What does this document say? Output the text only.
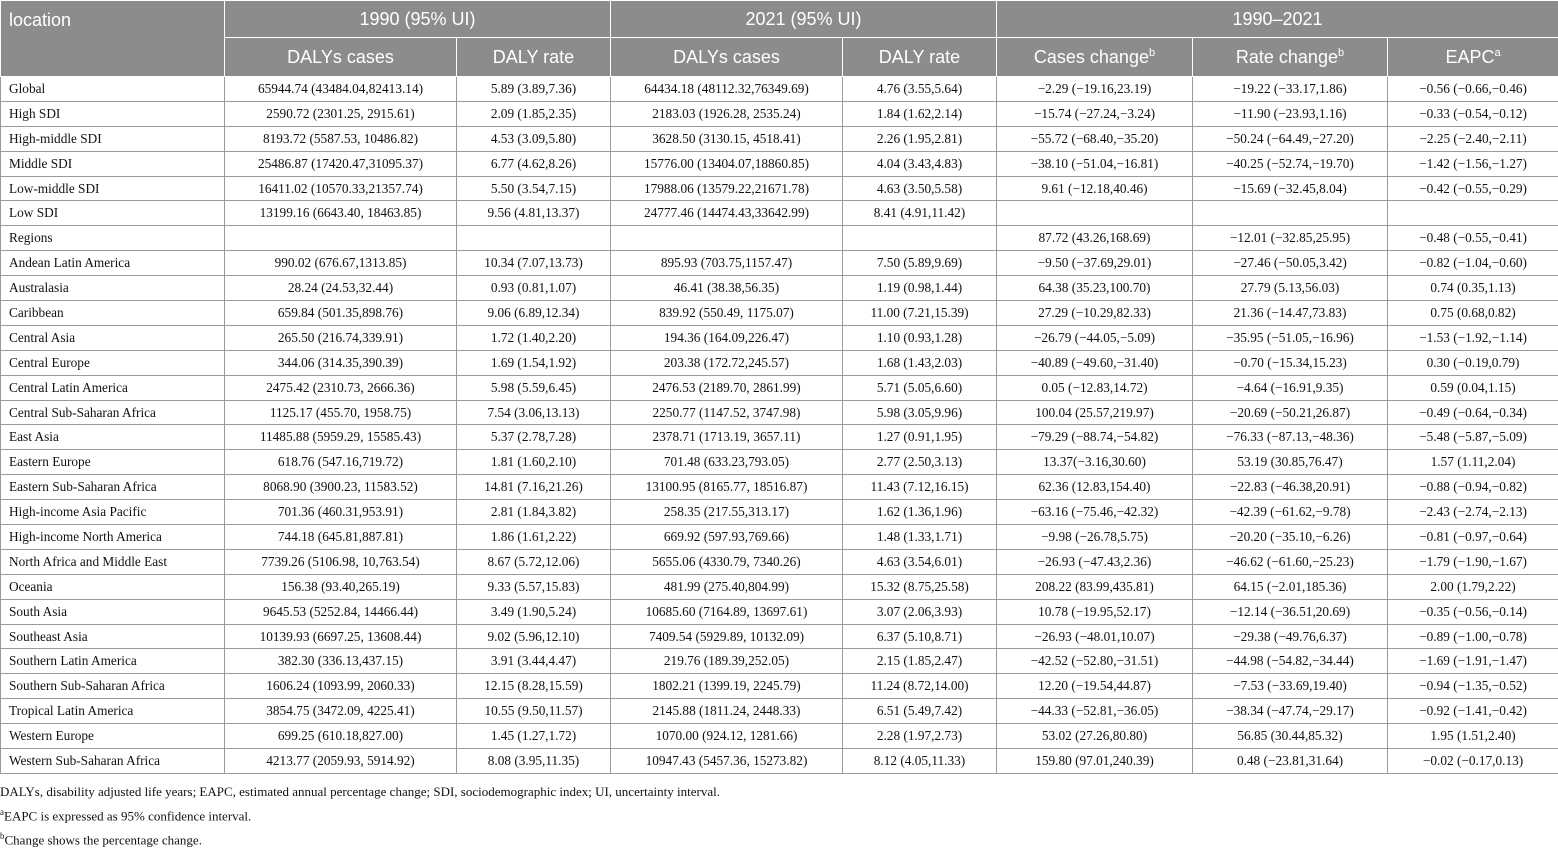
location	1990 (95% UI)		2021 (95% UI)		1990–2021		
	DALYs cases	DALY rate	DALYs cases	DALY rate	Cases change$^b$	Rate change$^b$	EAPC$^a$
Global	65944.74 (43484.04,82413.14)	5.89 (3.89,7.36)	64434.18 (48112.32,76349.69)	4.76 (3.55,5.64)	−2.29 (−19.16,23.19)	−19.22 (−33.17,1.86)	−0.56 (−0.66,−0.46)
High SDI	2590.72 (2301.25, 2915.61)	2.09 (1.85,2.35)	2183.03 (1926.28, 2535.24)	1.84 (1.62,2.14)	−15.74 (−27.24,−3.24)	−11.90 (−23.93,1.16)	−0.33 (−0.54,−0.12)
High-middle SDI	8193.72 (5587.53, 10486.82)	4.53 (3.09,5.80)	3628.50 (3130.15, 4518.41)	2.26 (1.95,2.81)	−55.72 (−68.40,−35.20)	−50.24 (−64.49,−27.20)	−2.25 (−2.40,−2.11)
Middle SDI	25486.87 (17420.47,31095.37)	6.77 (4.62,8.26)	15776.00 (13404.07,18860.85)	4.04 (3.43,4.83)	−38.10 (−51.04,−16.81)	−40.25 (−52.74,−19.70)	−1.42 (−1.56,−1.27)
Low-middle SDI	16411.02 (10570.33,21357.74)	5.50 (3.54,7.15)	17988.06 (13579.22,21671.78)	4.63 (3.50,5.58)	9.61 (−12.18,40.46)	−15.69 (−32.45,8.04)	−0.42 (−0.55,−0.29)
Low SDI	13199.16 (6643.40, 18463.85)	9.56 (4.81,13.37)	24777.46 (14474.43,33642.99)	8.41 (4.91,11.42)			
Regions					87.72 (43.26,168.69)	−12.01 (−32.85,25.95)	−0.48 (−0.55,−0.41)
Andean Latin America	990.02 (676.67,1313.85)	10.34 (7.07,13.73)	895.93 (703.75,1157.47)	7.50 (5.89,9.69)	−9.50 (−37.69,29.01)	−27.46 (−50.05,3.42)	−0.82 (−1.04,−0.60)
Australasia	28.24 (24.53,32.44)	0.93 (0.81,1.07)	46.41 (38.38,56.35)	1.19 (0.98,1.44)	64.38 (35.23,100.70)	27.79 (5.13,56.03)	0.74 (0.35,1.13)
Caribbean	659.84 (501.35,898.76)	9.06 (6.89,12.34)	839.92 (550.49, 1175.07)	11.00 (7.21,15.39)	27.29 (−10.29,82.33)	21.36 (−14.47,73.83)	0.75 (0.68,0.82)
Central Asia	265.50 (216.74,339.91)	1.72 (1.40,2.20)	194.36 (164.09,226.47)	1.10 (0.93,1.28)	−26.79 (−44.05,−5.09)	−35.95 (−51.05,−16.96)	−1.53 (−1.92,−1.14)
Central Europe	344.06 (314.35,390.39)	1.69 (1.54,1.92)	203.38 (172.72,245.57)	1.68 (1.43,2.03)	−40.89 (−49.60,−31.40)	−0.70 (−15.34,15.23)	0.30 (−0.19,0.79)
Central Latin America	2475.42 (2310.73, 2666.36)	5.98 (5.59,6.45)	2476.53 (2189.70, 2861.99)	5.71 (5.05,6.60)	0.05 (−12.83,14.72)	−4.64 (−16.91,9.35)	0.59 (0.04,1.15)
Central Sub-Saharan Africa	1125.17 (455.70, 1958.75)	7.54 (3.06,13.13)	2250.77 (1147.52, 3747.98)	5.98 (3.05,9.96)	100.04 (25.57,219.97)	−20.69 (−50.21,26.87)	−0.49 (−0.64,−0.34)
East Asia	11485.88 (5959.29, 15585.43)	5.37 (2.78,7.28)	2378.71 (1713.19, 3657.11)	1.27 (0.91,1.95)	−79.29 (−88.74,−54.82)	−76.33 (−87.13,−48.36)	−5.48 (−5.87,−5.09)
Eastern Europe	618.76 (547.16,719.72)	1.81 (1.60,2.10)	701.48 (633.23,793.05)	2.77 (2.50,3.13)	13.37(−3.16,30.60)	53.19 (30.85,76.47)	1.57 (1.11,2.04)
Eastern Sub-Saharan Africa	8068.90 (3900.23, 11583.52)	14.81 (7.16,21.26)	13100.95 (8165.77, 18516.87)	11.43 (7.12,16.15)	62.36 (12.83,154.40)	−22.83 (−46.38,20.91)	−0.88 (−0.94,−0.82)
High-income Asia Pacific	701.36 (460.31,953.91)	2.81 (1.84,3.82)	258.35 (217.55,313.17)	1.62 (1.36,1.96)	−63.16 (−75.46,−42.32)	−42.39 (−61.62,−9.78)	−2.43 (−2.74,−2.13)
High-income North America	744.18 (645.81,887.81)	1.86 (1.61,2.22)	669.92 (597.93,769.66)	1.48 (1.33,1.71)	−9.98 (−26.78,5.75)	−20.20 (−35.10,−6.26)	−0.81 (−0.97,−0.64)
North Africa and Middle East	7739.26 (5106.98, 10,763.54)	8.67 (5.72,12.06)	5655.06 (4330.79, 7340.26)	4.63 (3.54,6.01)	−26.93 (−47.43,2.36)	−46.62 (−61.60,−25.23)	−1.79 (−1.90,−1.67)
Oceania	156.38 (93.40,265.19)	9.33 (5.57,15.83)	481.99 (275.40,804.99)	15.32 (8.75,25.58)	208.22 (83.99,435.81)	64.15 (−2.01,185.36)	2.00 (1.79,2.22)
South Asia	9645.53 (5252.84, 14466.44)	3.49 (1.90,5.24)	10685.60 (7164.89, 13697.61)	3.07 (2.06,3.93)	10.78 (−19.95,52.17)	−12.14 (−36.51,20.69)	−0.35 (−0.56,−0.14)
Southeast Asia	10139.93 (6697.25, 13608.44)	9.02 (5.96,12.10)	7409.54 (5929.89, 10132.09)	6.37 (5.10,8.71)	−26.93 (−48.01,10.07)	−29.38 (−49.76,6.37)	−0.89 (−1.00,−0.78)
Southern Latin America	382.30 (336.13,437.15)	3.91 (3.44,4.47)	219.76 (189.39,252.05)	2.15 (1.85,2.47)	−42.52 (−52.80,−31.51)	−44.98 (−54.82,−34.44)	−1.69 (−1.91,−1.47)
Southern Sub-Saharan Africa	1606.24 (1093.99, 2060.33)	12.15 (8.28,15.59)	1802.21 (1399.19, 2245.79)	11.24 (8.72,14.00)	12.20 (−19.54,44.87)	−7.53 (−33.69,19.40)	−0.94 (−1.35,−0.52)
Tropical Latin America	3854.75 (3472.09, 4225.41)	10.55 (9.50,11.57)	2145.88 (1811.24, 2448.33)	6.51 (5.49,7.42)	−44.33 (−52.81,−36.05)	−38.34 (−47.74,−29.17)	−0.92 (−1.41,−0.42)
Western Europe	699.25 (610.18,827.00)	1.45 (1.27,1.72)	1070.00 (924.12, 1281.66)	2.28 (1.97,2.73)	53.02 (27.26,80.80)	56.85 (30.44,85.32)	1.95 (1.51,2.40)
Western Sub-Saharan Africa	4213.77 (2059.93, 5914.92)	8.08 (3.95,11.35)	10947.43 (5457.36, 15273.82)	8.12 (4.05,11.33)	159.80 (97.01,240.39)	0.48 (−23.81,31.64)	−0.02 (−0.17,0.13)
DALYs, disability adjusted life years; EAPC, estimated annual percentage change; SDI, sociodemographic index; UI, uncertainty interval.
$^a$EAPC is expressed as 95% confidence interval.
$^b$Change shows the percentage change.
